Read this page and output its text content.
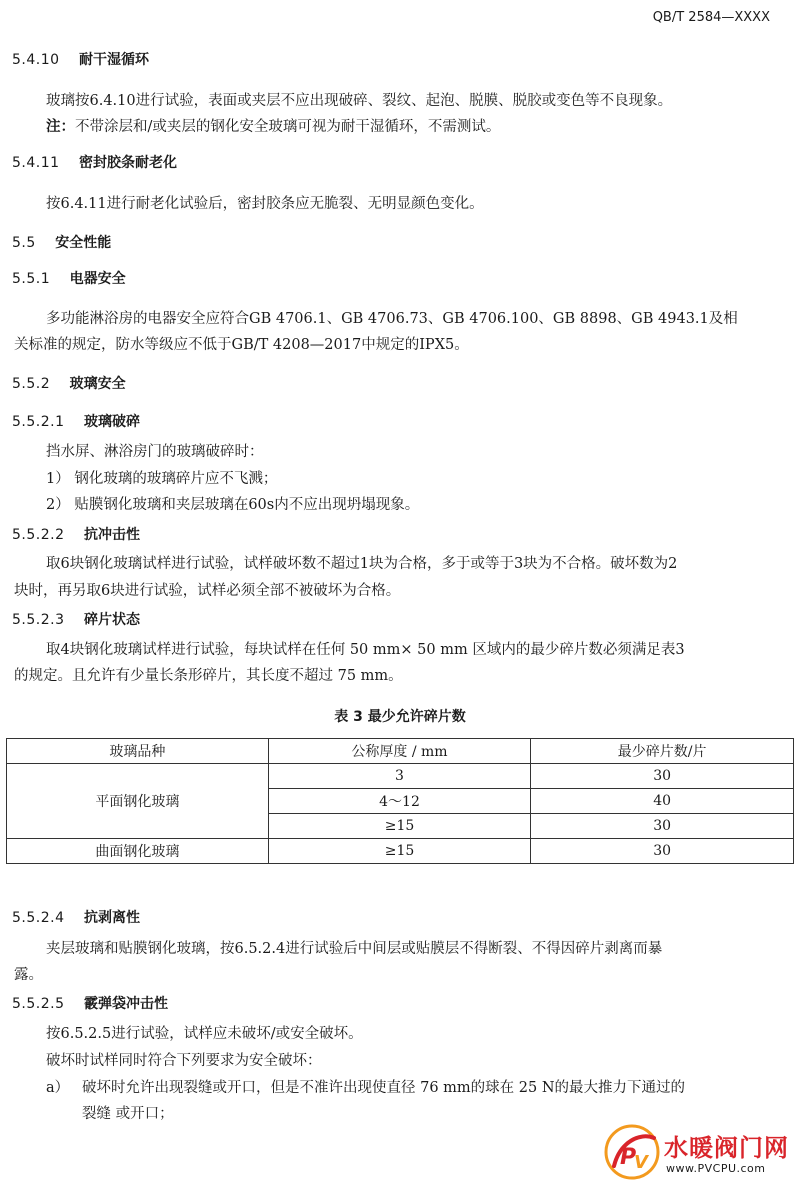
QB/T 2584—XXXX
5.4.10 耐干湿循环
玻璃按6.4.10进行试验，表面或夹层不应出现破碎、裂纹、起泡、脱膜、脱胶或变色等不良现象。
注：不带涂层和/或夹层的钢化安全玻璃可视为耐干湿循环，不需测试。
5.4.11 密封胶条耐老化
按6.4.11进行耐老化试验后，密封胶条应无脆裂、无明显颜色变化。
5.5 安全性能
5.5.1 电器安全
多功能淋浴房的电器安全应符合GB 4706.1、GB 4706.73、GB 4706.100、GB 8898、GB 4943.1及相
关标准的规定，防水等级应不低于GB/T 4208—2017中规定的IPX5。
5.5.2 玻璃安全
5.5.2.1 玻璃破碎
挡水屏、淋浴房门的玻璃破碎时：
1） 钢化玻璃的玻璃碎片应不飞溅；
2） 贴膜钢化玻璃和夹层玻璃在60s内不应出现坍塌现象。
5.5.2.2 抗冲击性
取6块钢化玻璃试样进行试验，试样破坏数不超过1块为合格，多于或等于3块为不合格。破坏数为2
块时，再另取6块进行试验，试样必须全部不被破坏为合格。
5.5.2.3 碎片状态
取4块钢化玻璃试样进行试验，每块试样在任何 50 mm× 50 mm 区域内的最少碎片数必须满足表3
的规定。且允许有少量长条形碎片，其长度不超过 75 mm。
表 3 最少允许碎片数
玻璃品种	公称厚度 / mm	最少碎片数/片
平面钢化玻璃	3	30
	4～12	40
	≥15	30
曲面钢化玻璃	≥15	30
5.5.2.4 抗剥离性
夹层玻璃和贴膜钢化玻璃，按6.5.2.4进行试验后中间层或贴膜层不得断裂、不得因碎片剥离而暴
露。
5.5.2.5 霰弹袋冲击性
按6.5.2.5进行试验，试样应未破坏/或安全破坏。
破坏时试样同时符合下列要求为安全破坏：
a） 破坏时允许出现裂缝或开口，但是不准许出现使直径 76 mm的球在 25 N的最大推力下通过的
裂缝 或开口；
P
V
水暖阀门网
www.PVCPU.com
